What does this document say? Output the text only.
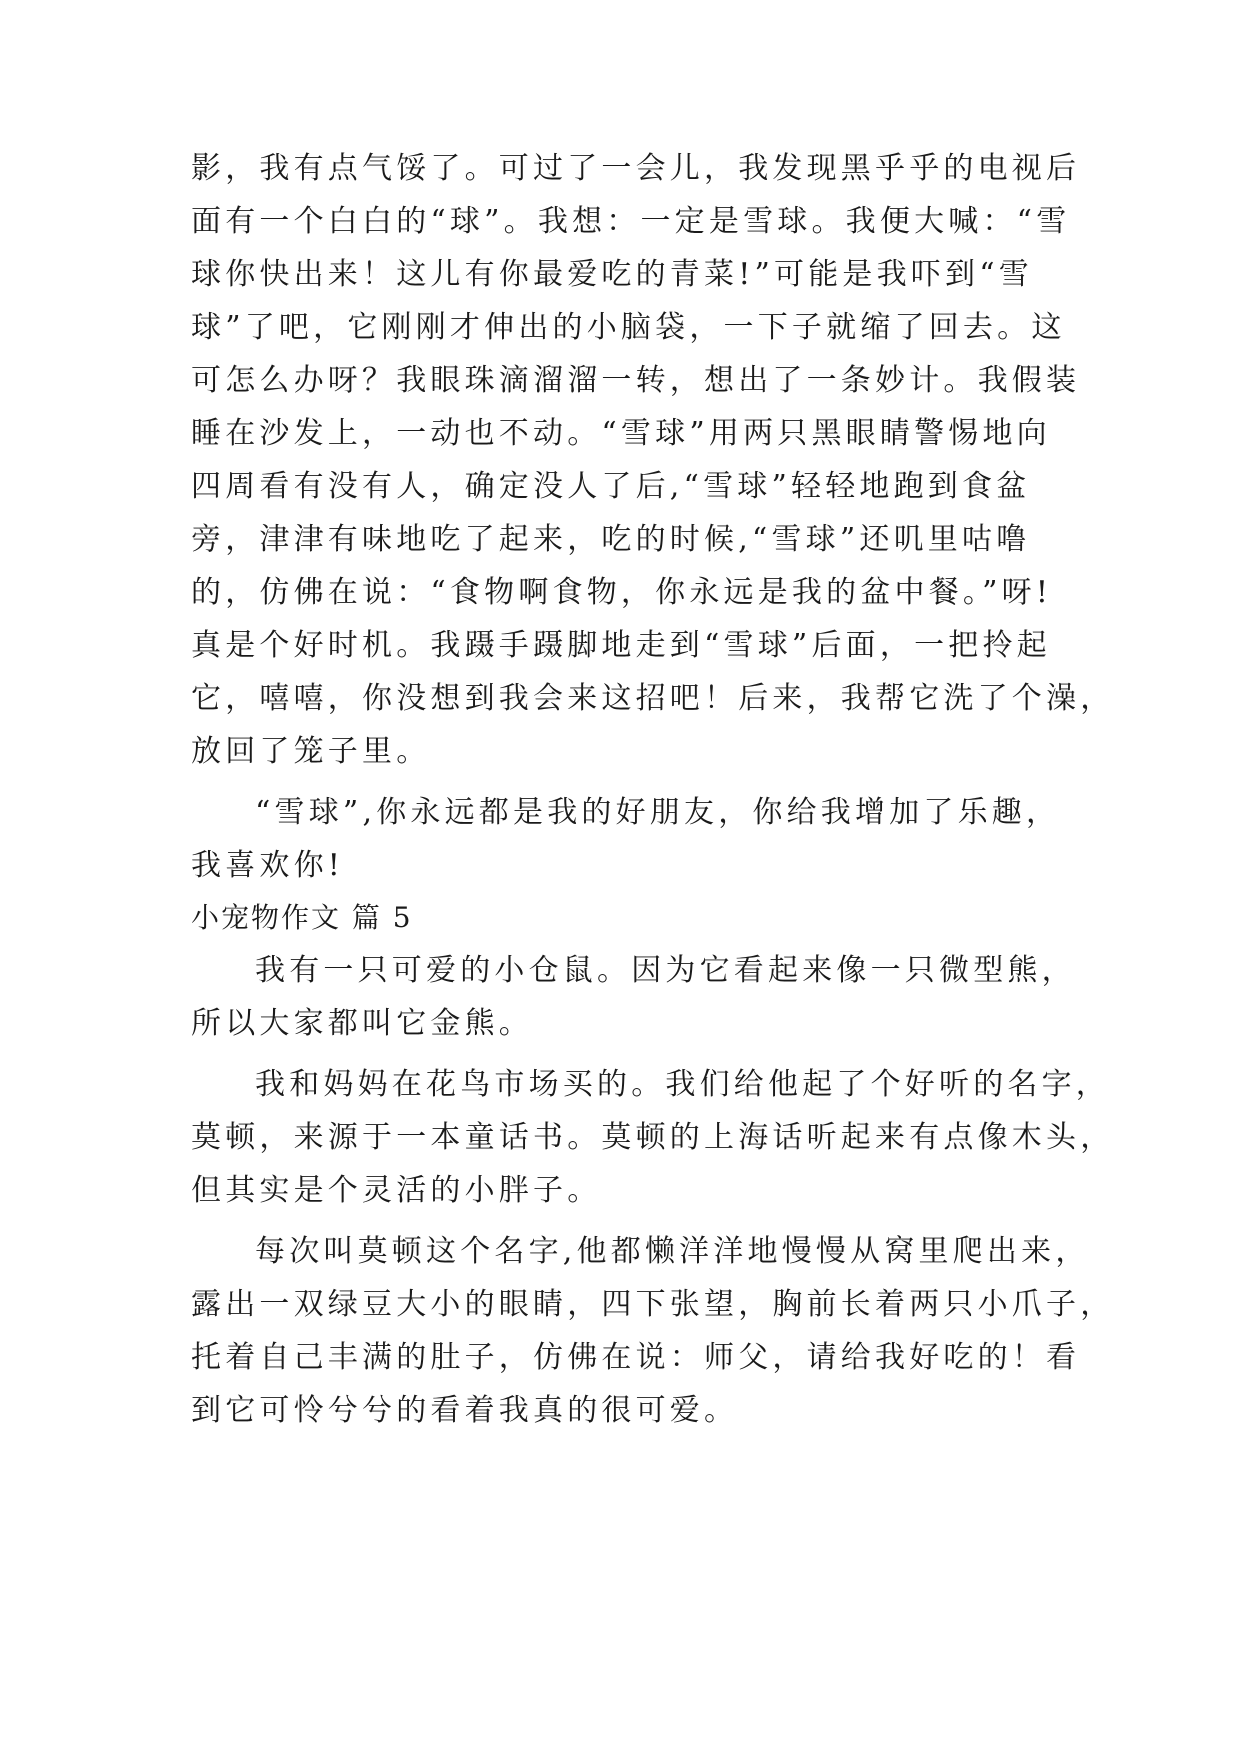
影，我有点气馁了。可过了一会儿，我发现黑乎乎的电视后
面有一个白白的“球”。我想：一定是雪球。我便大喊：“雪
球你快出来！这儿有你最爱吃的青菜!”可能是我吓到“雪
球”了吧，它刚刚才伸出的小脑袋，一下子就缩了回去。这
可怎么办呀？我眼珠滴溜溜一转，想出了一条妙计。我假装
睡在沙发上，一动也不动。“雪球”用两只黑眼睛警惕地向
四周看有没有人，确定没人了后,“雪球”轻轻地跑到食盆
旁，津津有味地吃了起来，吃的时候,“雪球”还叽里咕噜
的，仿佛在说：“食物啊食物，你永远是我的盆中餐。”呀!
真是个好时机。我蹑手蹑脚地走到“雪球”后面，一把拎起
它，嘻嘻，你没想到我会来这招吧！后来，我帮它洗了个澡，
放回了笼子里。
“雪球”,你永远都是我的好朋友，你给我增加了乐趣，
我喜欢你!
小宠物作文 篇 5
我有一只可爱的小仓鼠。因为它看起来像一只微型熊，
所以大家都叫它金熊。
我和妈妈在花鸟市场买的。我们给他起了个好听的名字，
莫顿，来源于一本童话书。莫顿的上海话听起来有点像木头，
但其实是个灵活的小胖子。
每次叫莫顿这个名字,他都懒洋洋地慢慢从窝里爬出来，
露出一双绿豆大小的眼睛，四下张望，胸前长着两只小爪子，
托着自己丰满的肚子，仿佛在说：师父，请给我好吃的！看
到它可怜兮兮的看着我真的很可爱。
